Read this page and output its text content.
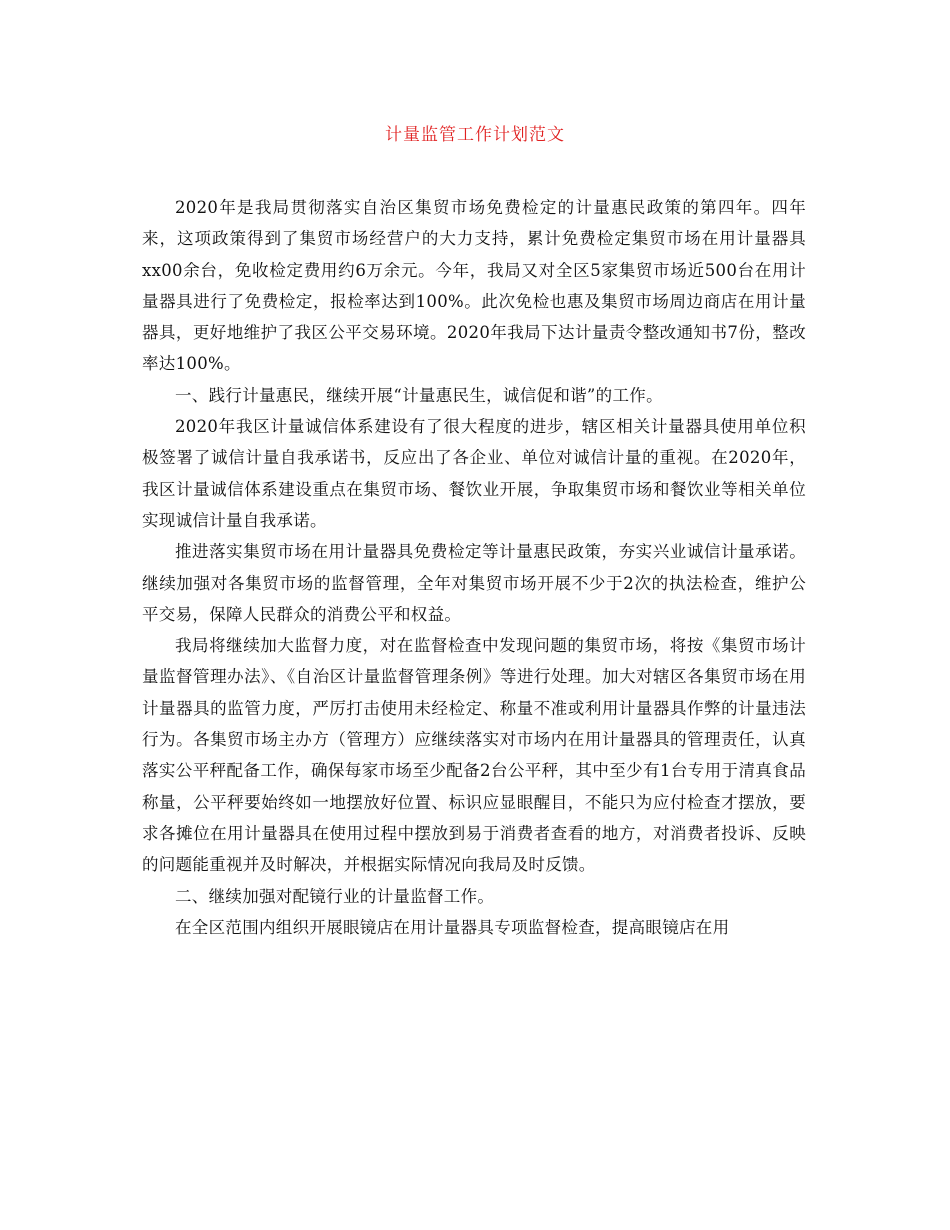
计量监管工作计划范文

2020年是我局贯彻落实自治区集贸市场免费检定的计量惠民政策的第四年。四年来，这项政策得到了集贸市场经营户的大力支持，累计免费检定集贸市场在用计量器具xx00余台，免收检定费用约6万余元。今年，我局又对全区5家集贸市场近500台在用计量器具进行了免费检定，报检率达到100%。此次免检也惠及集贸市场周边商店在用计量器具，更好地维护了我区公平交易环境。2020年我局下达计量责令整改通知书7份，整改率达100%。

一、践行计量惠民，继续开展“计量惠民生，诚信促和谐”的工作。

2020年我区计量诚信体系建设有了很大程度的进步，辖区相关计量器具使用单位积极签署了诚信计量自我承诺书，反应出了各企业、单位对诚信计量的重视。在2020年，我区计量诚信体系建设重点在集贸市场、餐饮业开展，争取集贸市场和餐饮业等相关单位实现诚信计量自我承诺。

推进落实集贸市场在用计量器具免费检定等计量惠民政策，夯实兴业诚信计量承诺。继续加强对各集贸市场的监督管理，全年对集贸市场开展不少于2次的执法检查，维护公平交易，保障人民群众的消费公平和权益。

我局将继续加大监督力度，对在监督检查中发现问题的集贸市场，将按《集贸市场计量监督管理办法》、《自治区计量监督管理条例》等进行处理。加大对辖区各集贸市场在用计量器具的监管力度，严厉打击使用未经检定、称量不准或利用计量器具作弊的计量违法行为。各集贸市场主办方（管理方）应继续落实对市场内在用计量器具的管理责任，认真落实公平秤配备工作，确保每家市场至少配备2台公平秤，其中至少有1台专用于清真食品称量，公平秤要始终如一地摆放好位置、标识应显眼醒目，不能只为应付检查才摆放，要求各摊位在用计量器具在使用过程中摆放到易于消费者查看的地方，对消费者投诉、反映的问题能重视并及时解决，并根据实际情况向我局及时反馈。

二、继续加强对配镜行业的计量监督工作。

在全区范围内组织开展眼镜店在用计量器具专项监督检查，提高眼镜店在用
